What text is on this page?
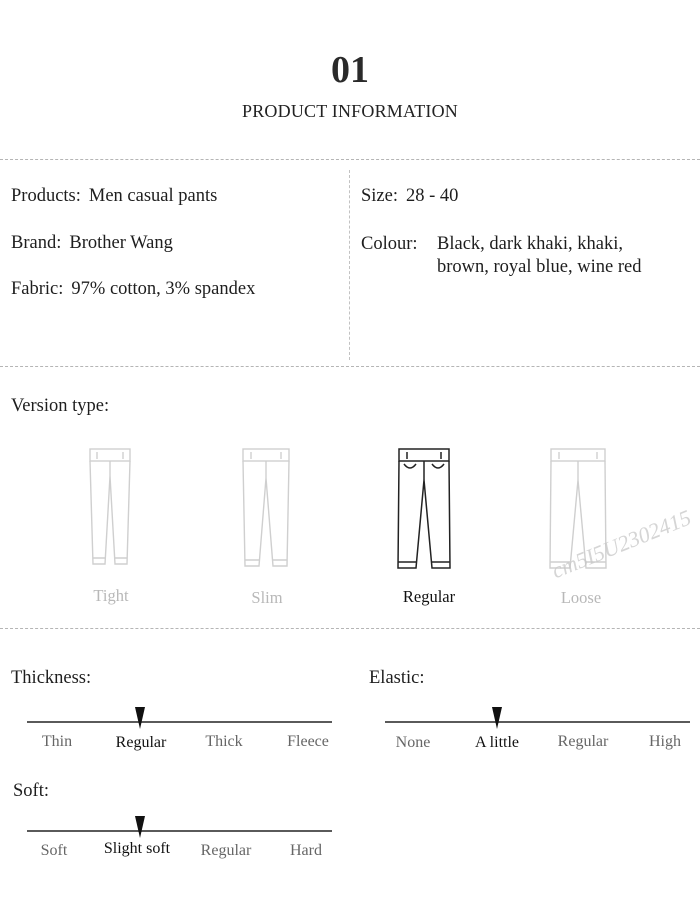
01
PRODUCT INFORMATION
Products: Men casual pants
Brand: Brother Wang
Fabric: 97% cotton, 3% spandex
Size: 28 - 40
Colour: Black, dark khaki, khaki,
brown, royal blue, wine red
Version type:
Tight	Slim	Regular	Loose
cm5I5U2302415
Thickness:
Thin	Regular	Thick	Fleece
Elastic:
None	A little	Regular	High
Soft:
Soft	Slight soft	Regular	Hard
